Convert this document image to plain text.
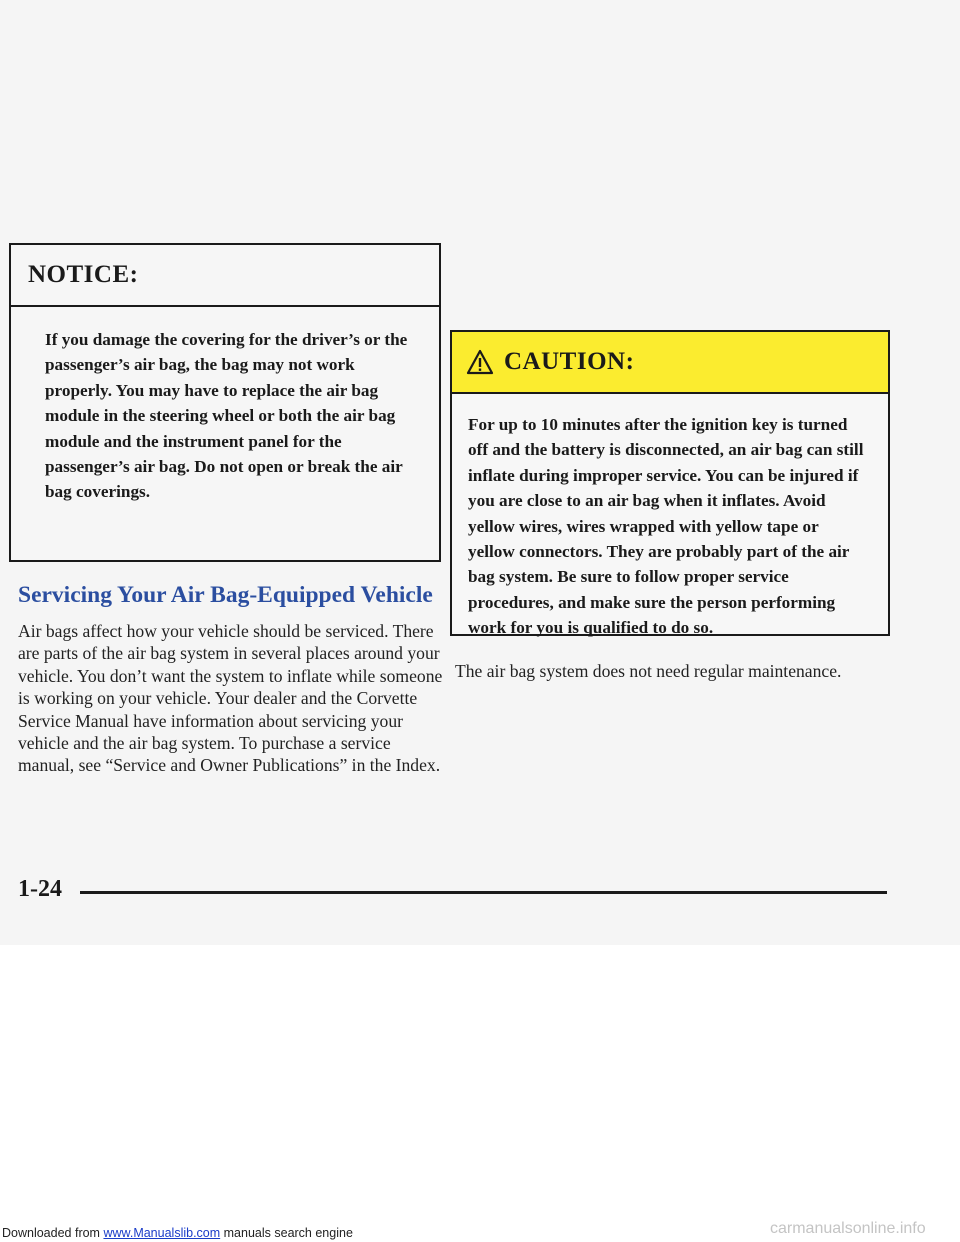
NOTICE:
If you damage the covering for the driver’s or the passenger’s air bag, the bag may not work properly. You may have to replace the air bag module in the steering wheel or both the air bag module and the instrument panel for the passenger’s air bag. Do not open or break the air bag coverings.
Servicing Your Air Bag-Equipped Vehicle
Air bags affect how your vehicle should be serviced. There are parts of the air bag system in several places around your vehicle. You don’t want the system to inflate while someone is working on your vehicle. Your dealer and the Corvette Service Manual have information about servicing your vehicle and the air bag system. To purchase a service manual, see “Service and Owner Publications” in the Index.
CAUTION:
For up to 10 minutes after the ignition key is turned off and the battery is disconnected, an air bag can still inflate during improper service. You can be injured if you are close to an air bag when it inflates. Avoid yellow wires, wires wrapped with yellow tape or yellow connectors. They are probably part of the air bag system. Be sure to follow proper service procedures, and make sure the person performing work for you is qualified to do so.
The air bag system does not need regular maintenance.
1-24
Downloaded from www.Manualslib.com manuals search engine	carmanualsonline.info
